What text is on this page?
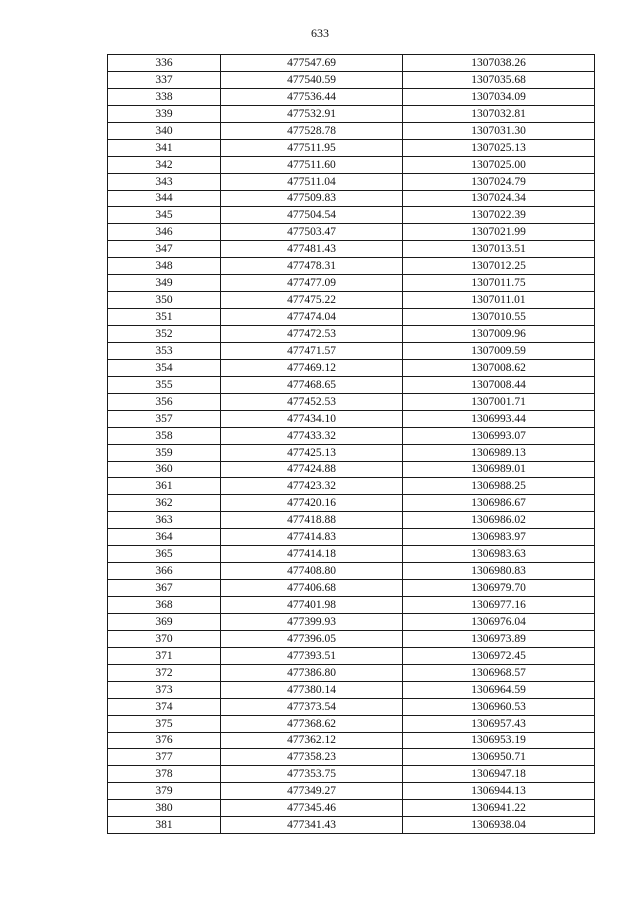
633
336	477547.69	1307038.26
337	477540.59	1307035.68
338	477536.44	1307034.09
339	477532.91	1307032.81
340	477528.78	1307031.30
341	477511.95	1307025.13
342	477511.60	1307025.00
343	477511.04	1307024.79
344	477509.83	1307024.34
345	477504.54	1307022.39
346	477503.47	1307021.99
347	477481.43	1307013.51
348	477478.31	1307012.25
349	477477.09	1307011.75
350	477475.22	1307011.01
351	477474.04	1307010.55
352	477472.53	1307009.96
353	477471.57	1307009.59
354	477469.12	1307008.62
355	477468.65	1307008.44
356	477452.53	1307001.71
357	477434.10	1306993.44
358	477433.32	1306993.07
359	477425.13	1306989.13
360	477424.88	1306989.01
361	477423.32	1306988.25
362	477420.16	1306986.67
363	477418.88	1306986.02
364	477414.83	1306983.97
365	477414.18	1306983.63
366	477408.80	1306980.83
367	477406.68	1306979.70
368	477401.98	1306977.16
369	477399.93	1306976.04
370	477396.05	1306973.89
371	477393.51	1306972.45
372	477386.80	1306968.57
373	477380.14	1306964.59
374	477373.54	1306960.53
375	477368.62	1306957.43
376	477362.12	1306953.19
377	477358.23	1306950.71
378	477353.75	1306947.18
379	477349.27	1306944.13
380	477345.46	1306941.22
381	477341.43	1306938.04
